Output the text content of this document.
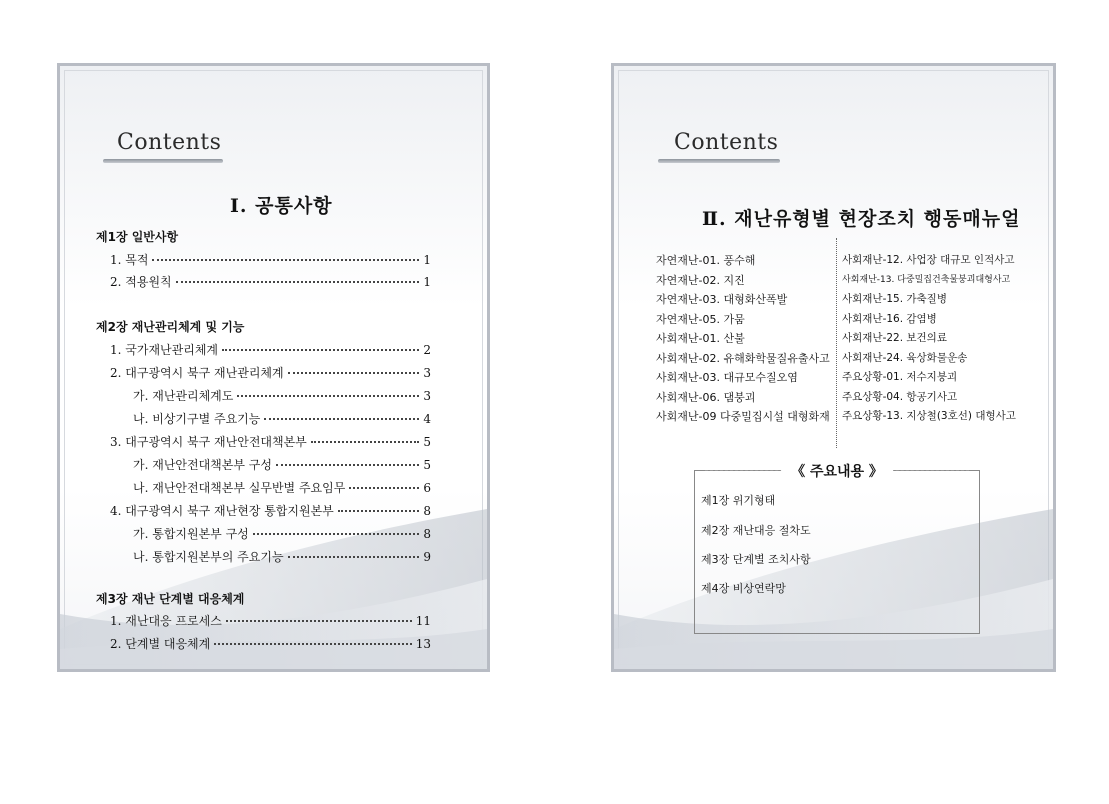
Contents
Ⅰ. 공통사항
제1장 일반사항
1. 목적	1
2. 적용원칙	1
제2장 재난관리체계 및 기능
1. 국가재난관리체계	2
2. 대구광역시 북구 재난관리체계	3
가. 재난관리체계도	3
나. 비상기구별 주요기능	4
3. 대구광역시 북구 재난안전대책본부	5
가. 재난안전대책본부 구성	5
나. 재난안전대책본부 실무반별 주요임무	6
4. 대구광역시 북구 재난현장 통합지원본부	8
가. 통합지원본부 구성	8
나. 통합지원본부의 주요기능	9
제3장 재난 단계별 대응체계
1. 재난대응 프로세스	11
2. 단계별 대응체계	13
Contents
Ⅱ. 재난유형별 현장조치 행동매뉴얼
자연재난-01. 풍수해
자연재난-02. 지진
자연재난-03. 대형화산폭발
자연재난-05. 가뭄
사회재난-01. 산불
사회재난-02. 유해화학물질유출사고
사회재난-03. 대규모수질오염
사회재난-06. 댐붕괴
사회재난-09 다중밀집시설 대형화재
사회재난-12. 사업장 대규모 인적사고
사회재난-13. 다중밀집건축물붕괴대형사고
사회재난-15. 가축질병
사회재난-16. 감염병
사회재난-22. 보건의료
사회재난-24. 육상화물운송
주요상황-01. 저수지붕괴
주요상황-04. 항공기사고
주요상황-13. 지상철(3호선) 대형사고
《 주요내용 》
제1장 위기형태
제2장 재난대응 절차도
제3장 단계별 조치사항
제4장 비상연락망
